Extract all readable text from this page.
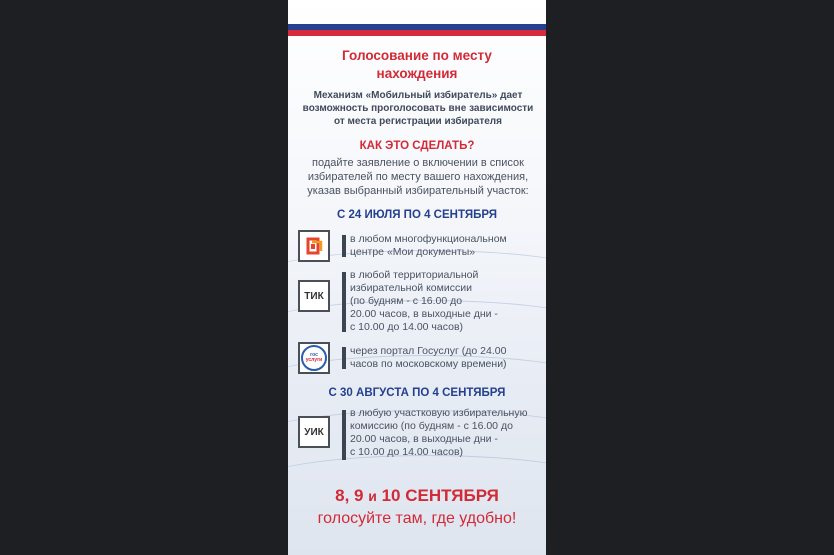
Голосование по месту
нахождения
Механизм «Мобильный избиратель» дает
возможность проголосовать вне зависимости
от места регистрации избирателя
КАК ЭТО СДЕЛАТЬ?
подайте заявление о включении в список
избирателей по месту вашего нахождения,
указав выбранный избирательный участок:
С 24 ИЮЛЯ ПО 4 СЕНТЯБРЯ
в любом многофункциональном
центре «Мои документы»
ТИК
в любой территориальной
избирательной комиссии
(по будням - с 16.00 до
20.00 часов, в выходные дни -
с 10.00 до 14.00 часов)
гос
услуги
через портал Госуслуг (до 24.00
часов по московскому времени)
С 30 АВГУСТА ПО 4 СЕНТЯБРЯ
УИК
в любую участковую избирательную
комиссию (по будням - с 16.00 до
20.00 часов, в выходные дни -
с 10.00 до 14.00 часов)
8, 9 и 10 СЕНТЯБРЯ
голосуйте там, где удобно!
